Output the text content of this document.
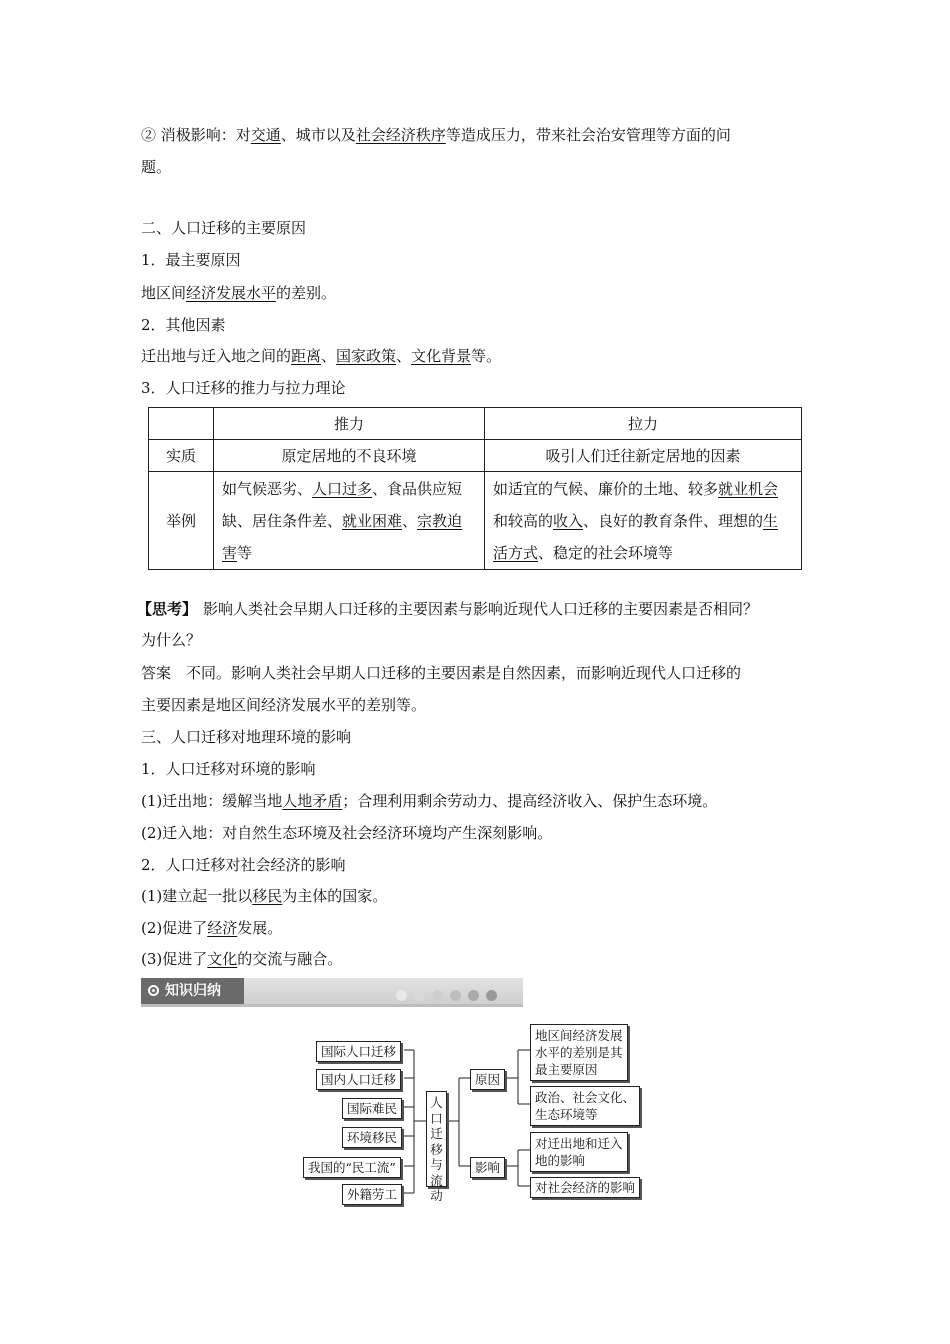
② 消极影响：对交通、城市以及社会经济秩序等造成压力，带来社会治安管理等方面的问
题。
二、人口迁移的主要原因
1．最主要原因
地区间经济发展水平的差别。
2．其他因素
迁出地与迁入地之间的距离、国家政策、文化背景等。
3．人口迁移的推力与拉力理论
	推力	拉力
实质	原定居地的不良环境	吸引人们迁往新定居地的因素
举例	如气候恶劣、人口过多、食品供应短缺、居住条件差、就业困难、宗教迫害等	如适宜的气候、廉价的土地、较多就业机会和较高的收入、良好的教育条件、理想的生活方式、稳定的社会环境等
【思考】 影响人类社会早期人口迁移的主要因素与影响近现代人口迁移的主要因素是否相同？
为什么？
答案　不同。影响人类社会早期人口迁移的主要因素是自然因素，而影响近现代人口迁移的
主要因素是地区间经济发展水平的差别等。
三、人口迁移对地理环境的影响
1．人口迁移对环境的影响
(1)迁出地：缓解当地人地矛盾；合理利用剩余劳动力、提高经济收入、保护生态环境。
(2)迁入地：对自然生态环境及社会经济环境均产生深刻影响。
2．人口迁移对社会经济的影响
(1)建立起一批以移民为主体的国家。
(2)促进了经济发展。
(3)促进了文化的交流与融合。
知识归纳
国际人口迁移
国内人口迁移
国际难民
环境移民
我国的“民工流”
外籍劳工
人口迁移与流动
原因
影响
地区间经济发展
水平的差别是其
最主要原因
政治、社会文化、
生态环境等
对迁出地和迁入
地的影响
对社会经济的影响
